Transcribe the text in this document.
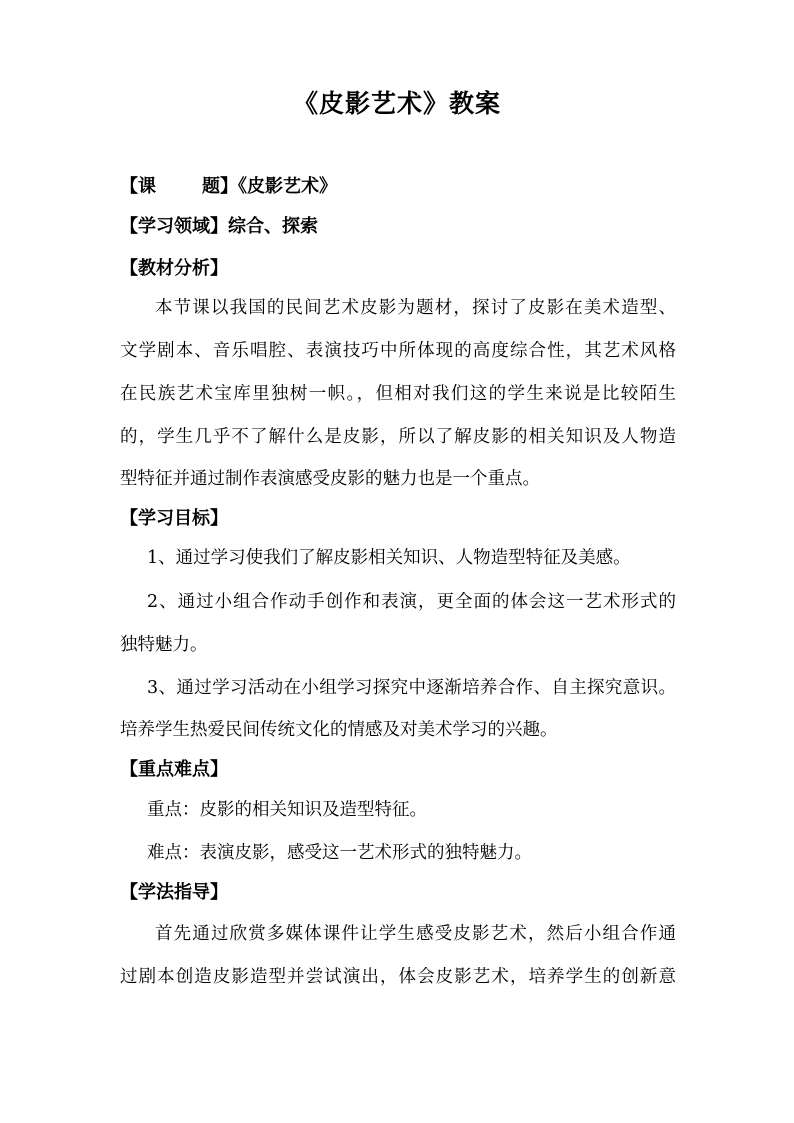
《皮影艺术》教案
【课	题】《皮影艺术》
【学习领域】综合、探索
【教材分析】
本节课以我国的民间艺术皮影为题材，探讨了皮影在美术造型、
文学剧本、音乐唱腔、表演技巧中所体现的高度综合性，其艺术风格
在民族艺术宝库里独树一帜。，但相对我们这的学生来说是比较陌生
的，学生几乎不了解什么是皮影，所以了解皮影的相关知识及人物造
型特征并通过制作表演感受皮影的魅力也是一个重点。
【学习目标】
1、通过学习使我们了解皮影相关知识、人物造型特征及美感。
2、通过小组合作动手创作和表演，更全面的体会这一艺术形式的
独特魅力。
3、通过学习活动在小组学习探究中逐渐培养合作、自主探究意识。
培养学生热爱民间传统文化的情感及对美术学习的兴趣。
【重点难点】
重点：皮影的相关知识及造型特征。
难点：表演皮影，感受这一艺术形式的独特魅力。
【学法指导】
首先通过欣赏多媒体课件让学生感受皮影艺术，然后小组合作通
过剧本创造皮影造型并尝试演出，体会皮影艺术，培养学生的创新意
